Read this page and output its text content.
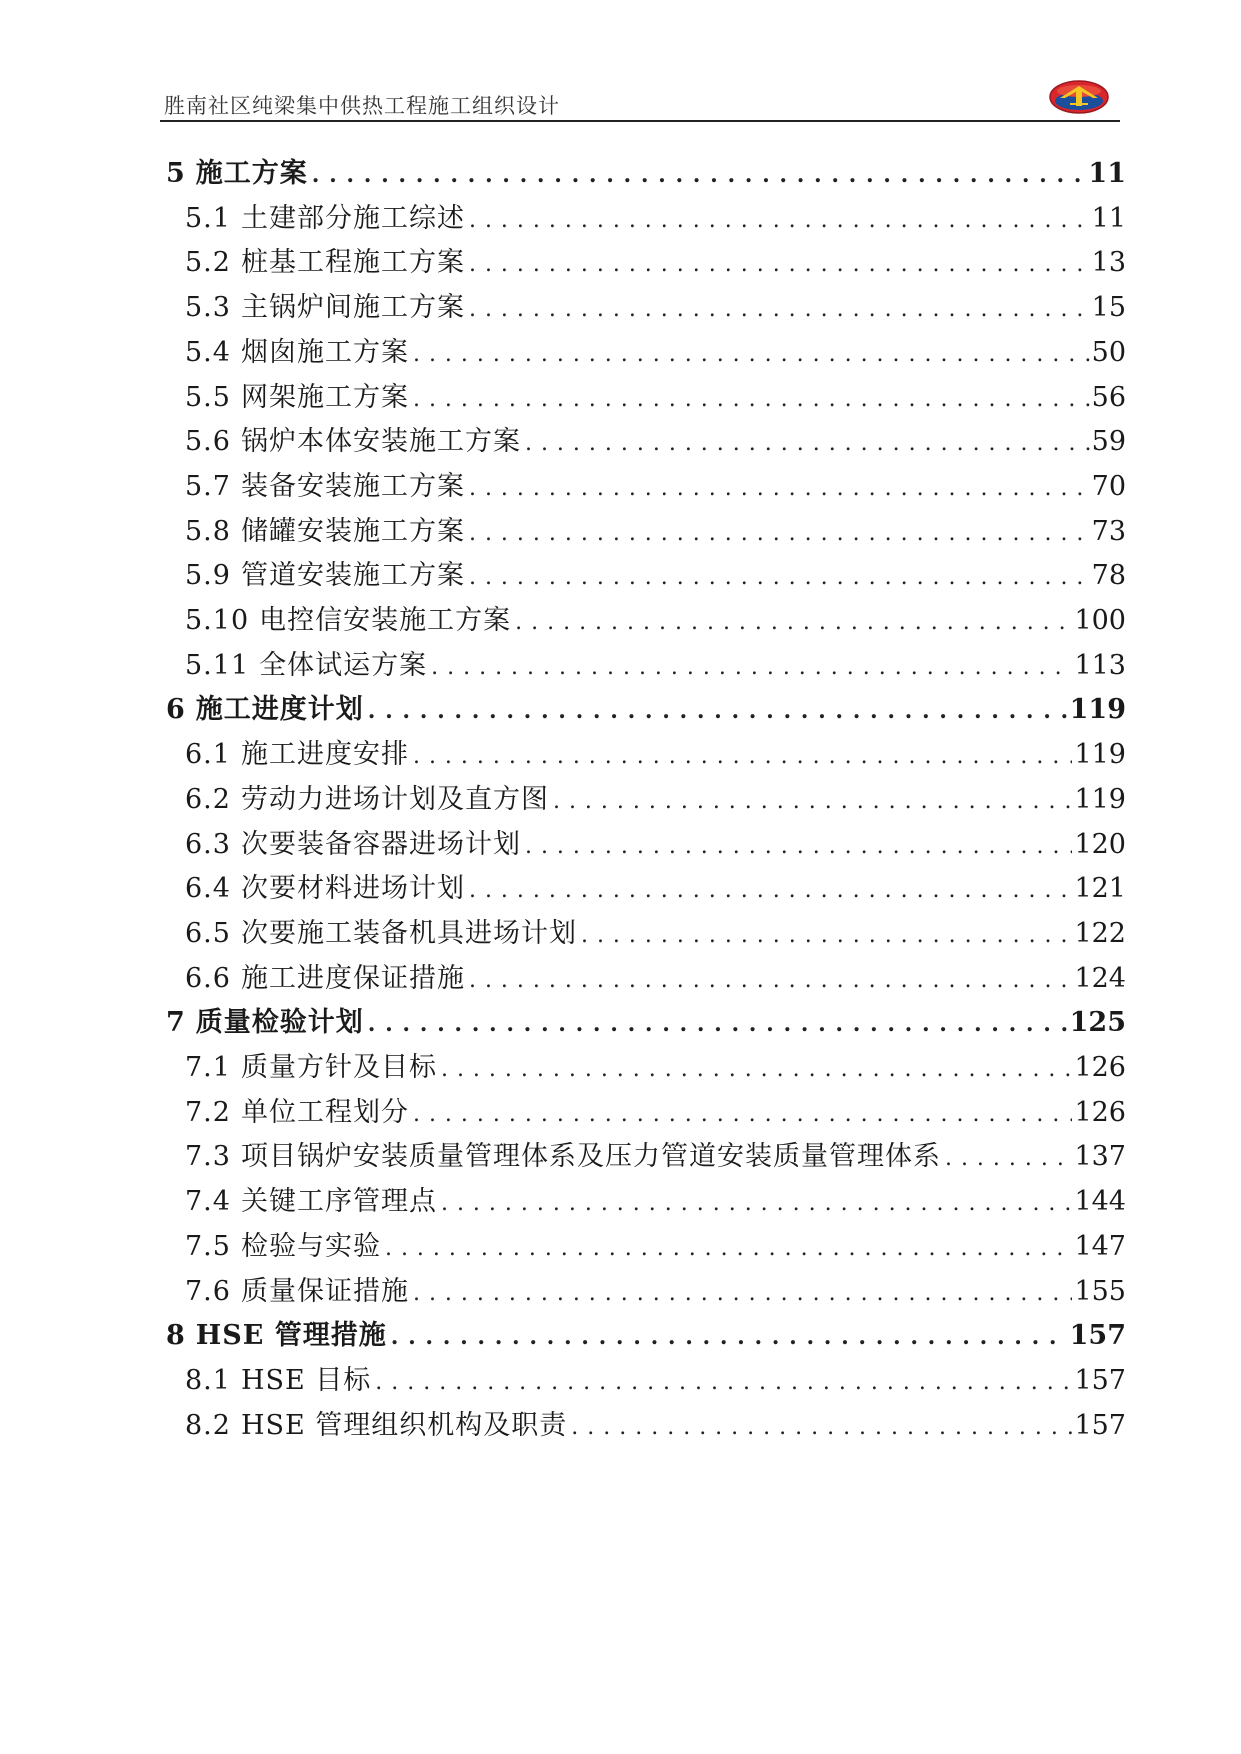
胜南社区纯梁集中供热工程施工组织设计
5 施工方案 . . .	11
5.1 土建部分施工综述 . . .	11
5.2 桩基工程施工方案 . . .	13
5.3 主锅炉间施工方案 . . .	15
5.4 烟囱施工方案 . . .	50
5.5 网架施工方案 . . .	56
5.6 锅炉本体安装施工方案 . . .	59
5.7 装备安装施工方案 . . .	70
5.8 储罐安装施工方案 . . .	73
5.9 管道安装施工方案 . . .	78
5.10 电控信安装施工方案 . . .	100
5.11 全体试运方案 . . .	113
6 施工进度计划 . . .	119
6.1 施工进度安排 . . .	119
6.2 劳动力进场计划及直方图 . . .	119
6.3 次要装备容器进场计划 . . .	120
6.4 次要材料进场计划 . . .	121
6.5 次要施工装备机具进场计划 . . .	122
6.6 施工进度保证措施 . . .	124
7 质量检验计划 . . .	125
7.1 质量方针及目标 . . .	126
7.2 单位工程划分 . . .	126
7.3 项目锅炉安装质量管理体系及压力管道安装质量管理体系 . . .	137
7.4 关键工序管理点 . . .	144
7.5 检验与实验 . . .	147
7.6 质量保证措施 . . .	155
8 HSE 管理措施 . . .	157
8.1 HSE 目标 . . .	157
8.2 HSE 管理组织机构及职责 . . .	157
